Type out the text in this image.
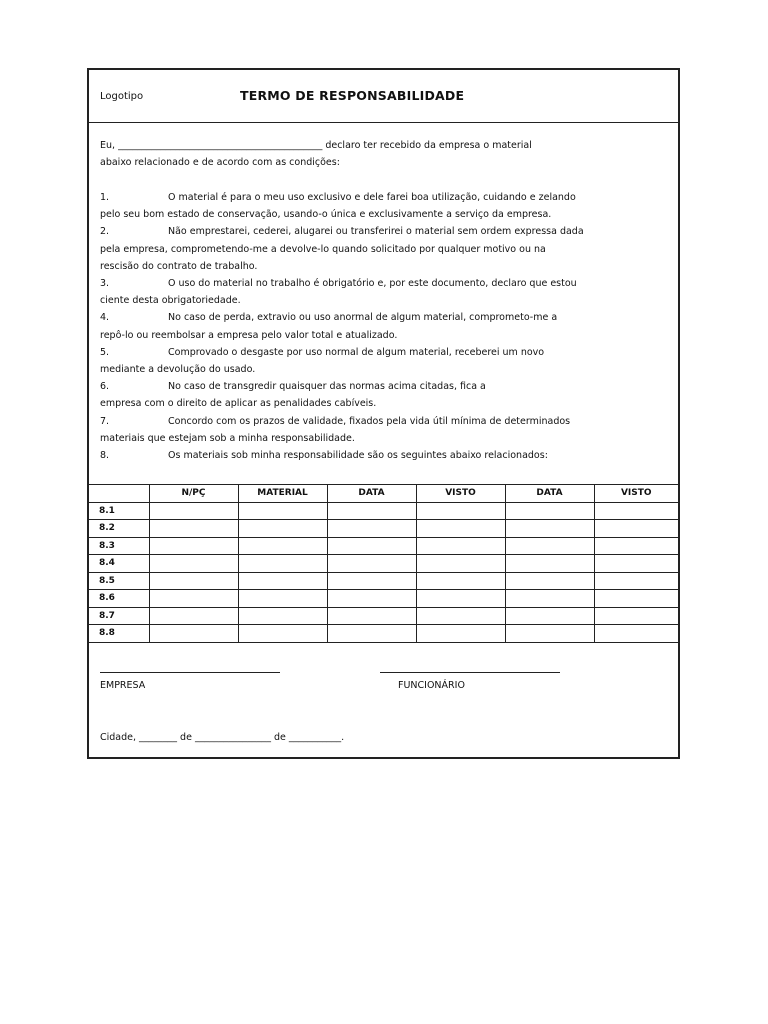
Logotipo	TERMO DE RESPONSABILIDADE
Eu, ___________________________________________ declaro ter recebido da empresa o material
abaixo relacionado e de acordo com as condições:
1.	O material é para o meu uso exclusivo e dele farei boa utilização, cuidando e zelando
pelo seu bom estado de conservação, usando-o única e exclusivamente a serviço da empresa.
2.	Não emprestarei, cederei, alugarei ou transferirei o material sem ordem expressa dada
pela empresa, comprometendo-me a devolve-lo quando solicitado por qualquer motivo ou na
rescisão do contrato de trabalho.
3.	O uso do material no trabalho é obrigatório e, por este documento, declaro que estou
ciente desta obrigatoriedade.
4.	No caso de perda, extravio ou uso anormal de algum material, comprometo-me a
repô-lo ou reembolsar a empresa pelo valor total e atualizado.
5.	Comprovado o desgaste por uso normal de algum material, receberei um novo
mediante a devolução do usado.
6.	No caso de transgredir quaisquer das normas acima citadas, fica a
empresa com o direito de aplicar as penalidades cabíveis.
7.	Concordo com os prazos de validade, fixados pela vida útil mínima de determinados
materiais que estejam sob a minha responsabilidade.
8.	Os materiais sob minha responsabilidade são os seguintes abaixo relacionados:
	N/PÇ	MATERIAL	DATA	VISTO	DATA	VISTO
8.1						
8.2						
8.3						
8.4						
8.5						
8.6						
8.7						
8.8						
EMPRESA	FUNCIONÁRIO
Cidade, ________ de ________________ de ___________.
